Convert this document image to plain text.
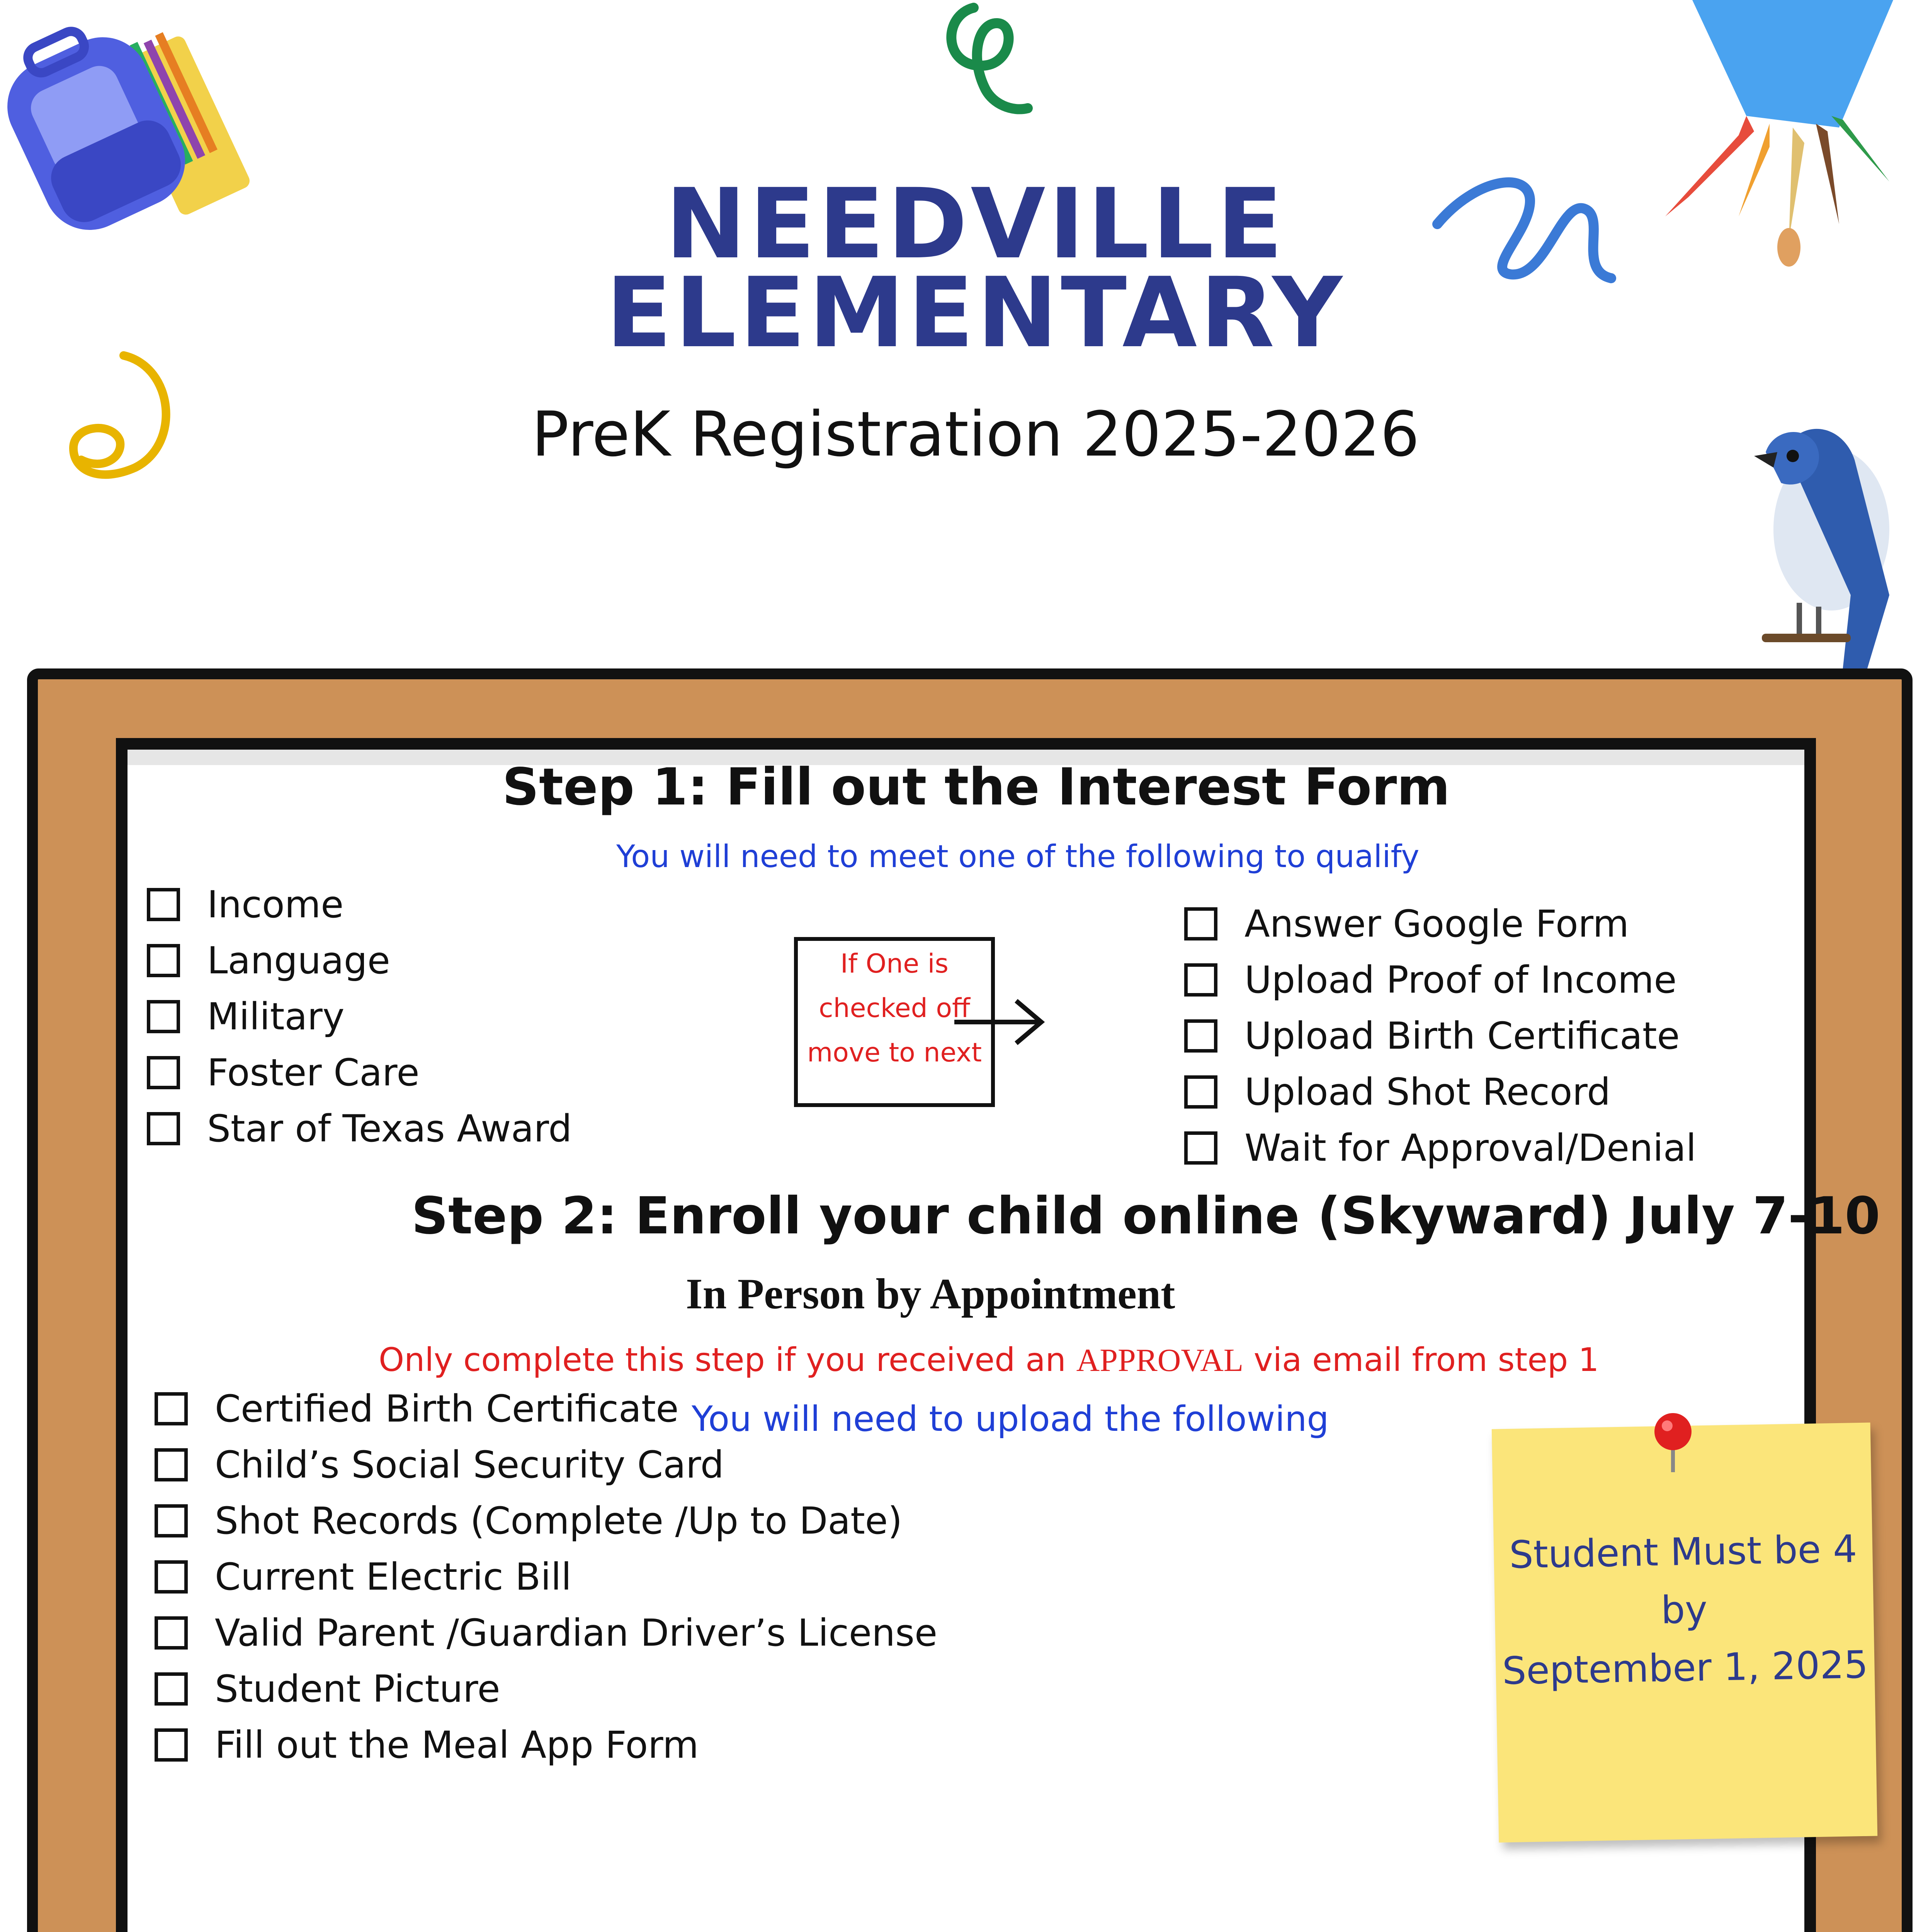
NEEDVILLE
ELEMENTARY
PreK Registration 2025-2026
Step 1: Fill out the Interest Form
You will need to meet one of the following to qualify
Income
Language
Military
Foster Care
Star of Texas Award
If One is
checked off
move to next
Answer Google Form
Upload Proof of Income
Upload Birth Certificate
Upload Shot Record
Wait for Approval/Denial
Step 2: Enroll your child online (Skyward) July 7-10
In Person by Appointment
Only complete this step if you received an APPROVAL via email from step 1
You will need to upload the following
Certified Birth Certificate
Child’s Social Security Card
Shot Records (Complete /Up to Date)
Current Electric Bill
Valid Parent /Guardian Driver’s License
Student Picture
Fill out the Meal App Form
Student Must be 4
by
September 1, 2025
